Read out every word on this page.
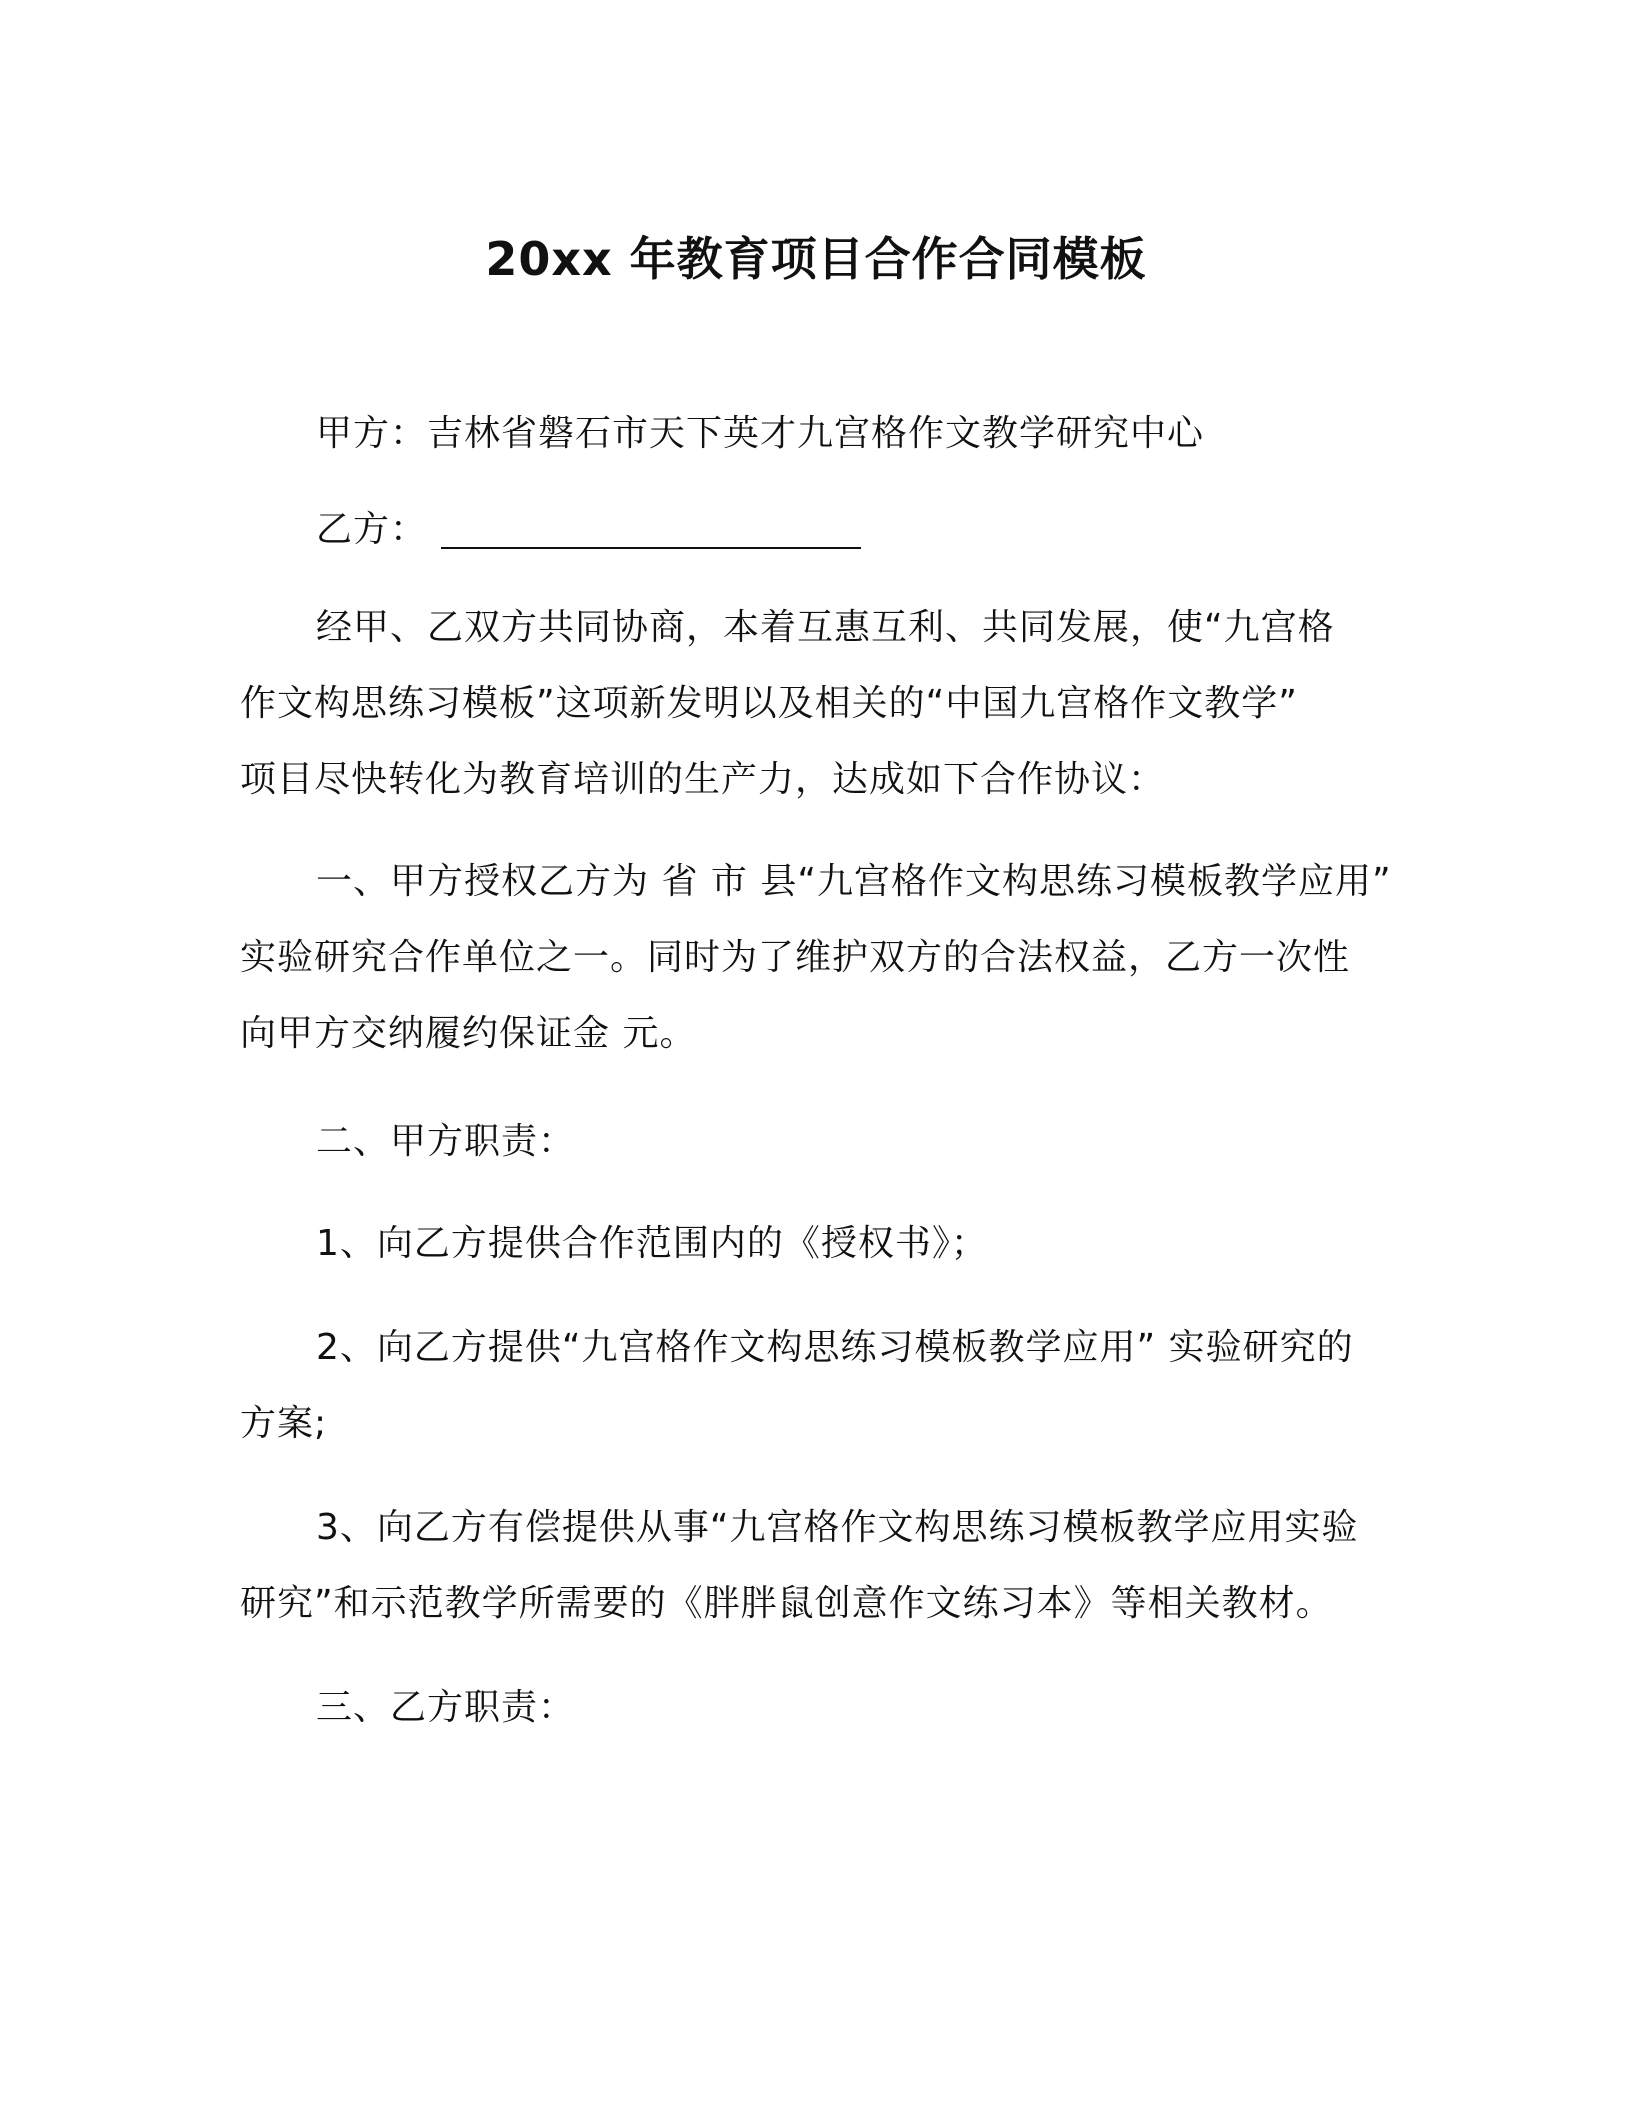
20xx 年教育项目合作合同模板
甲方：吉林省磐石市天下英才九宫格作文教学研究中心
乙方：
经甲、乙双方共同协商，本着互惠互利、共同发展，使“九宫格
作文构思练习模板”这项新发明以及相关的“中国九宫格作文教学”
项目尽快转化为教育培训的生产力，达成如下合作协议：
一、甲方授权乙方为 省 市 县“九宫格作文构思练习模板教学应用”
实验研究合作单位之一。同时为了维护双方的合法权益，乙方一次性
向甲方交纳履约保证金 元。
二、甲方职责：
1、向乙方提供合作范围内的《授权书》；
2、向乙方提供“九宫格作文构思练习模板教学应用” 实验研究的
方案;
3、向乙方有偿提供从事“九宫格作文构思练习模板教学应用实验
研究”和示范教学所需要的《胖胖鼠创意作文练习本》等相关教材。
三、乙方职责：
